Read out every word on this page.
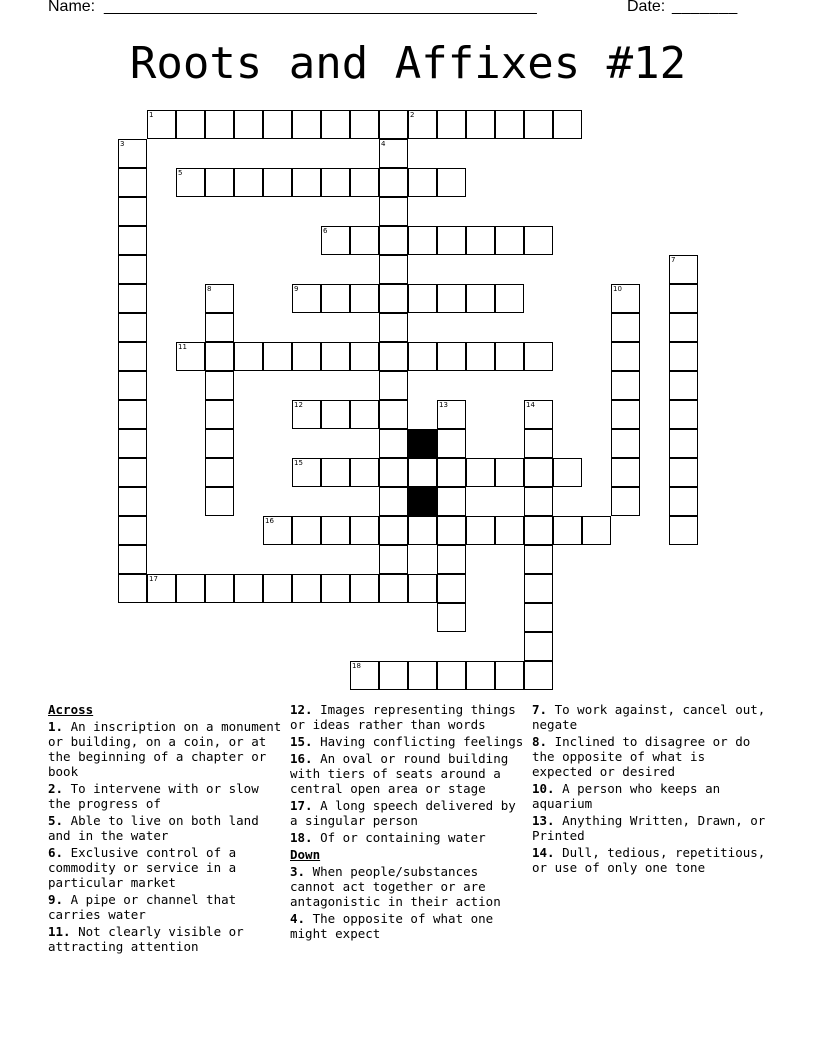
Name: ______________________________________________________	Date: _______
Roots and Affixes #12
1	2
5
6
9
11
12
15
16
17
18
3	4
7
8	10
13	14
Across
1. An inscription on a monument or building, on a coin, or at the beginning of a chapter or book
2. To intervene with or slow the progress of
5. Able to live on both land and in the water
6. Exclusive control of a commodity or service in a particular market
9. A pipe or channel that carries water
11. Not clearly visible or attracting attention
12. Images representing things or ideas rather than words
15. Having conflicting feelings
16. An oval or round building with tiers of seats around a central open area or stage
17. A long speech delivered by a singular person
18. Of or containing water
Down
3. When people/substances cannot act together or are antagonistic in their action
4. The opposite of what one might expect
7. To work against, cancel out, negate
8. Inclined to disagree or do the opposite of what is expected or desired
10. A person who keeps an aquarium
13. Anything Written, Drawn, or Printed
14. Dull, tedious, repetitious, or use of only one tone
